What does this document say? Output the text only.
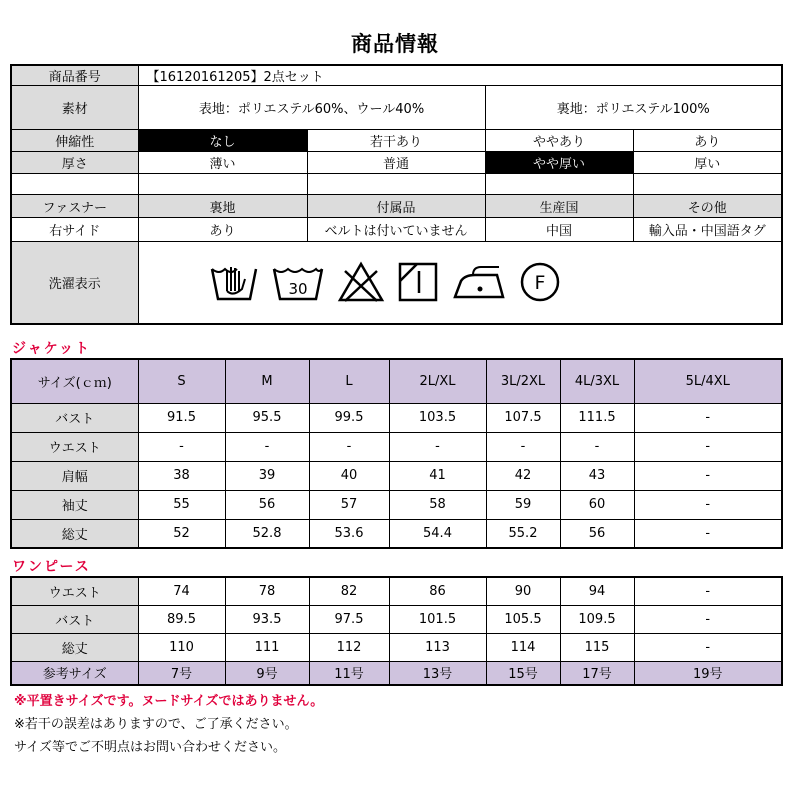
商品情報
商品番号	【16120161205】2点セット			
素材	表地：ポリエステル60%、ウール40%		裏地：ポリエステル100%	
伸縮性	なし	若干あり	ややあり	あり
厚さ	薄い	普通	やや厚い	厚い

ファスナー	裏地	付属品	生産国	その他
右サイド	あり	ベルトは付いていません	中国	輸入品・中国語タグ
洗濯表示	30 F			
ジャケット
サイズ(ｃｍ)	S	M	L	2L/XL	3L/2XL	4L/3XL	5L/4XL
バスト	91.5	95.5	99.5	103.5	107.5	111.5	-
ウエスト	-	-	-	-	-	-	-
肩幅	38	39	40	41	42	43	-
袖丈	55	56	57	58	59	60	-
総丈	52	52.8	53.6	54.4	55.2	56	-
ワンピース
ウエスト	74	78	82	86	90	94	-
バスト	89.5	93.5	97.5	101.5	105.5	109.5	-
総丈	110	111	112	113	114	115	-
参考サイズ	7号	9号	11号	13号	15号	17号	19号
※平置きサイズです。ヌードサイズではありません。
※若干の誤差はありますので、ご了承ください。
サイズ等でご不明点はお問い合わせください。
